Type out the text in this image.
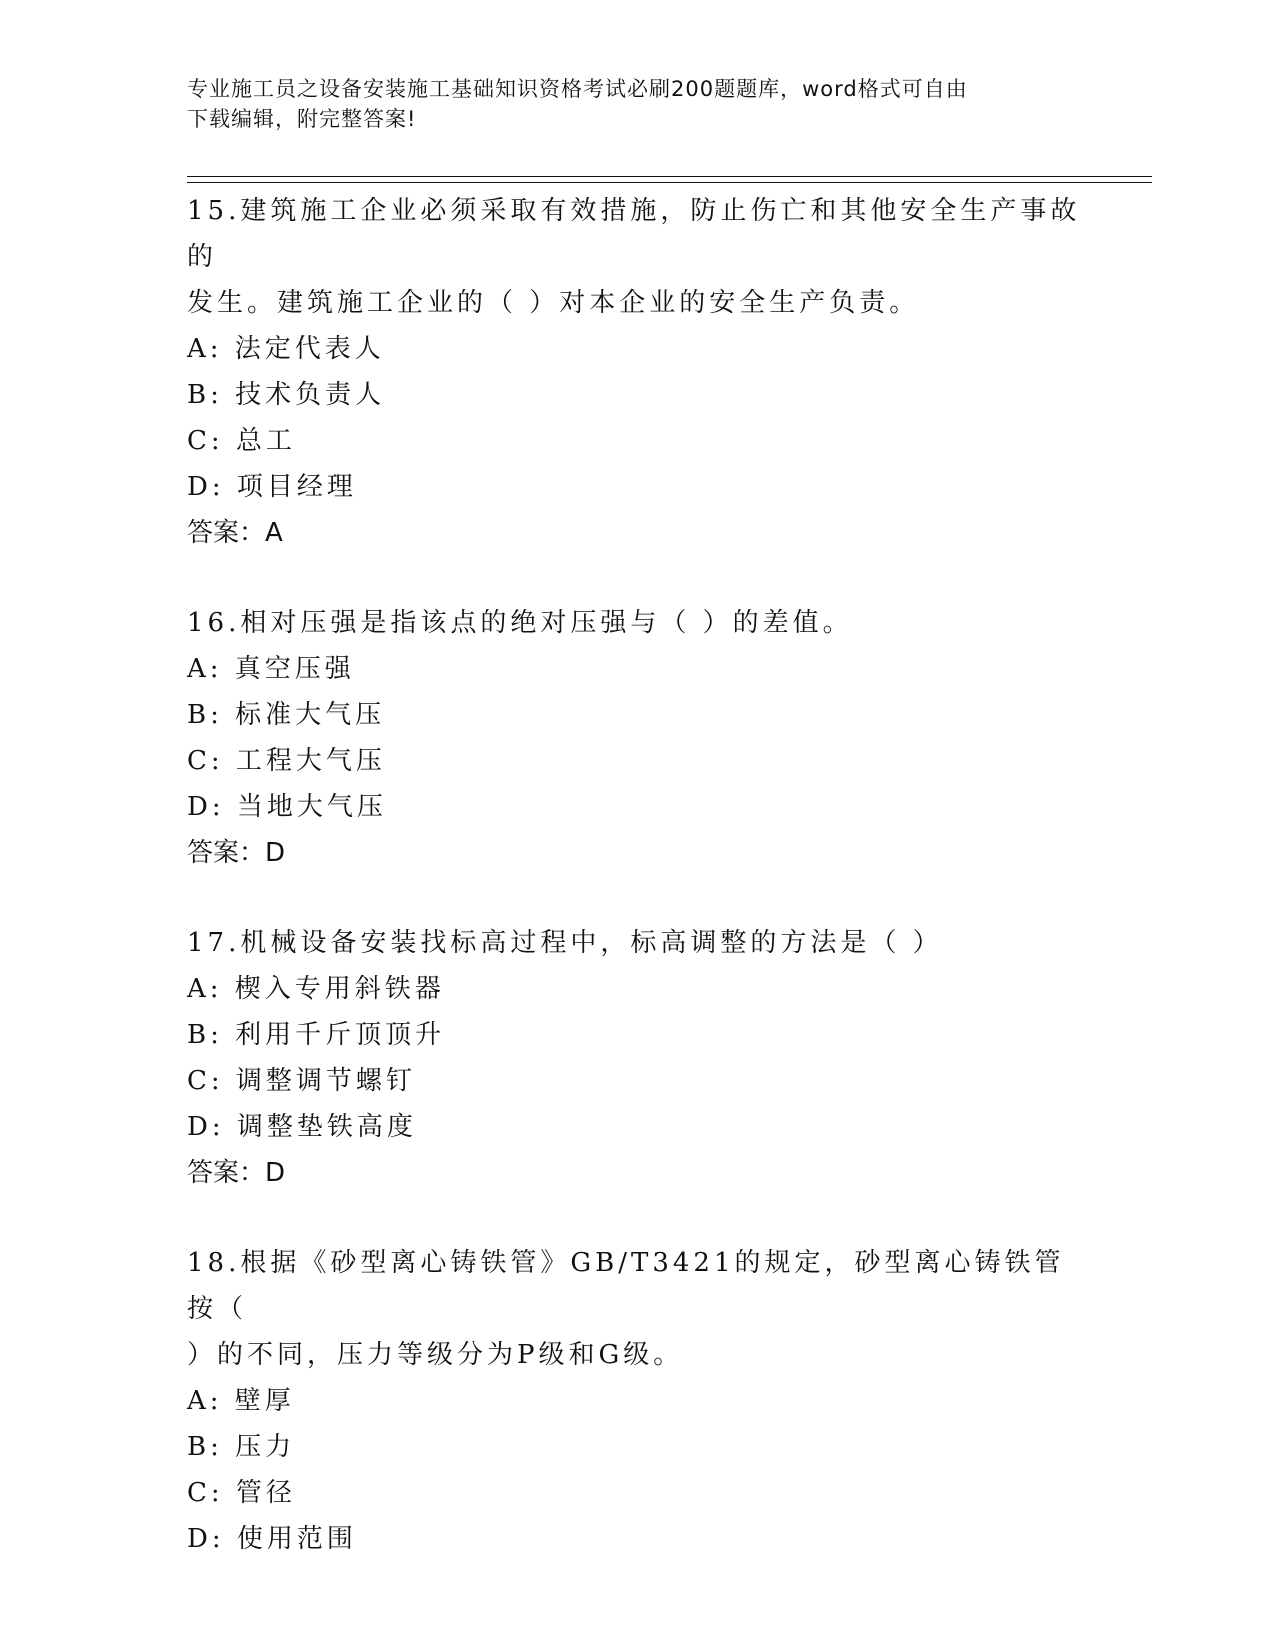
专业施工员之设备安装施工基础知识资格考试必刷200题题库，word格式可自由
下载编辑，附完整答案!

15.建筑施工企业必须采取有效措施，防止伤亡和其他安全生产事故的

发生。建筑施工企业的（ ）对本企业的安全生产负责。

A: 法定代表人

B: 技术负责人

C: 总工

D: 项目经理

答案：A

16.相对压强是指该点的绝对压强与（ ）的差值。

A: 真空压强

B: 标准大气压

C: 工程大气压

D: 当地大气压

答案：D

17.机械设备安装找标高过程中，标高调整的方法是（ ）

A: 楔入专用斜铁器

B: 利用千斤顶顶升

C: 调整调节螺钉

D: 调整垫铁高度

答案：D

18.根据《砂型离心铸铁管》GB/T3421的规定，砂型离心铸铁管按（

）的不同，压力等级分为P级和G级。

A: 壁厚

B: 压力

C: 管径

D: 使用范围
